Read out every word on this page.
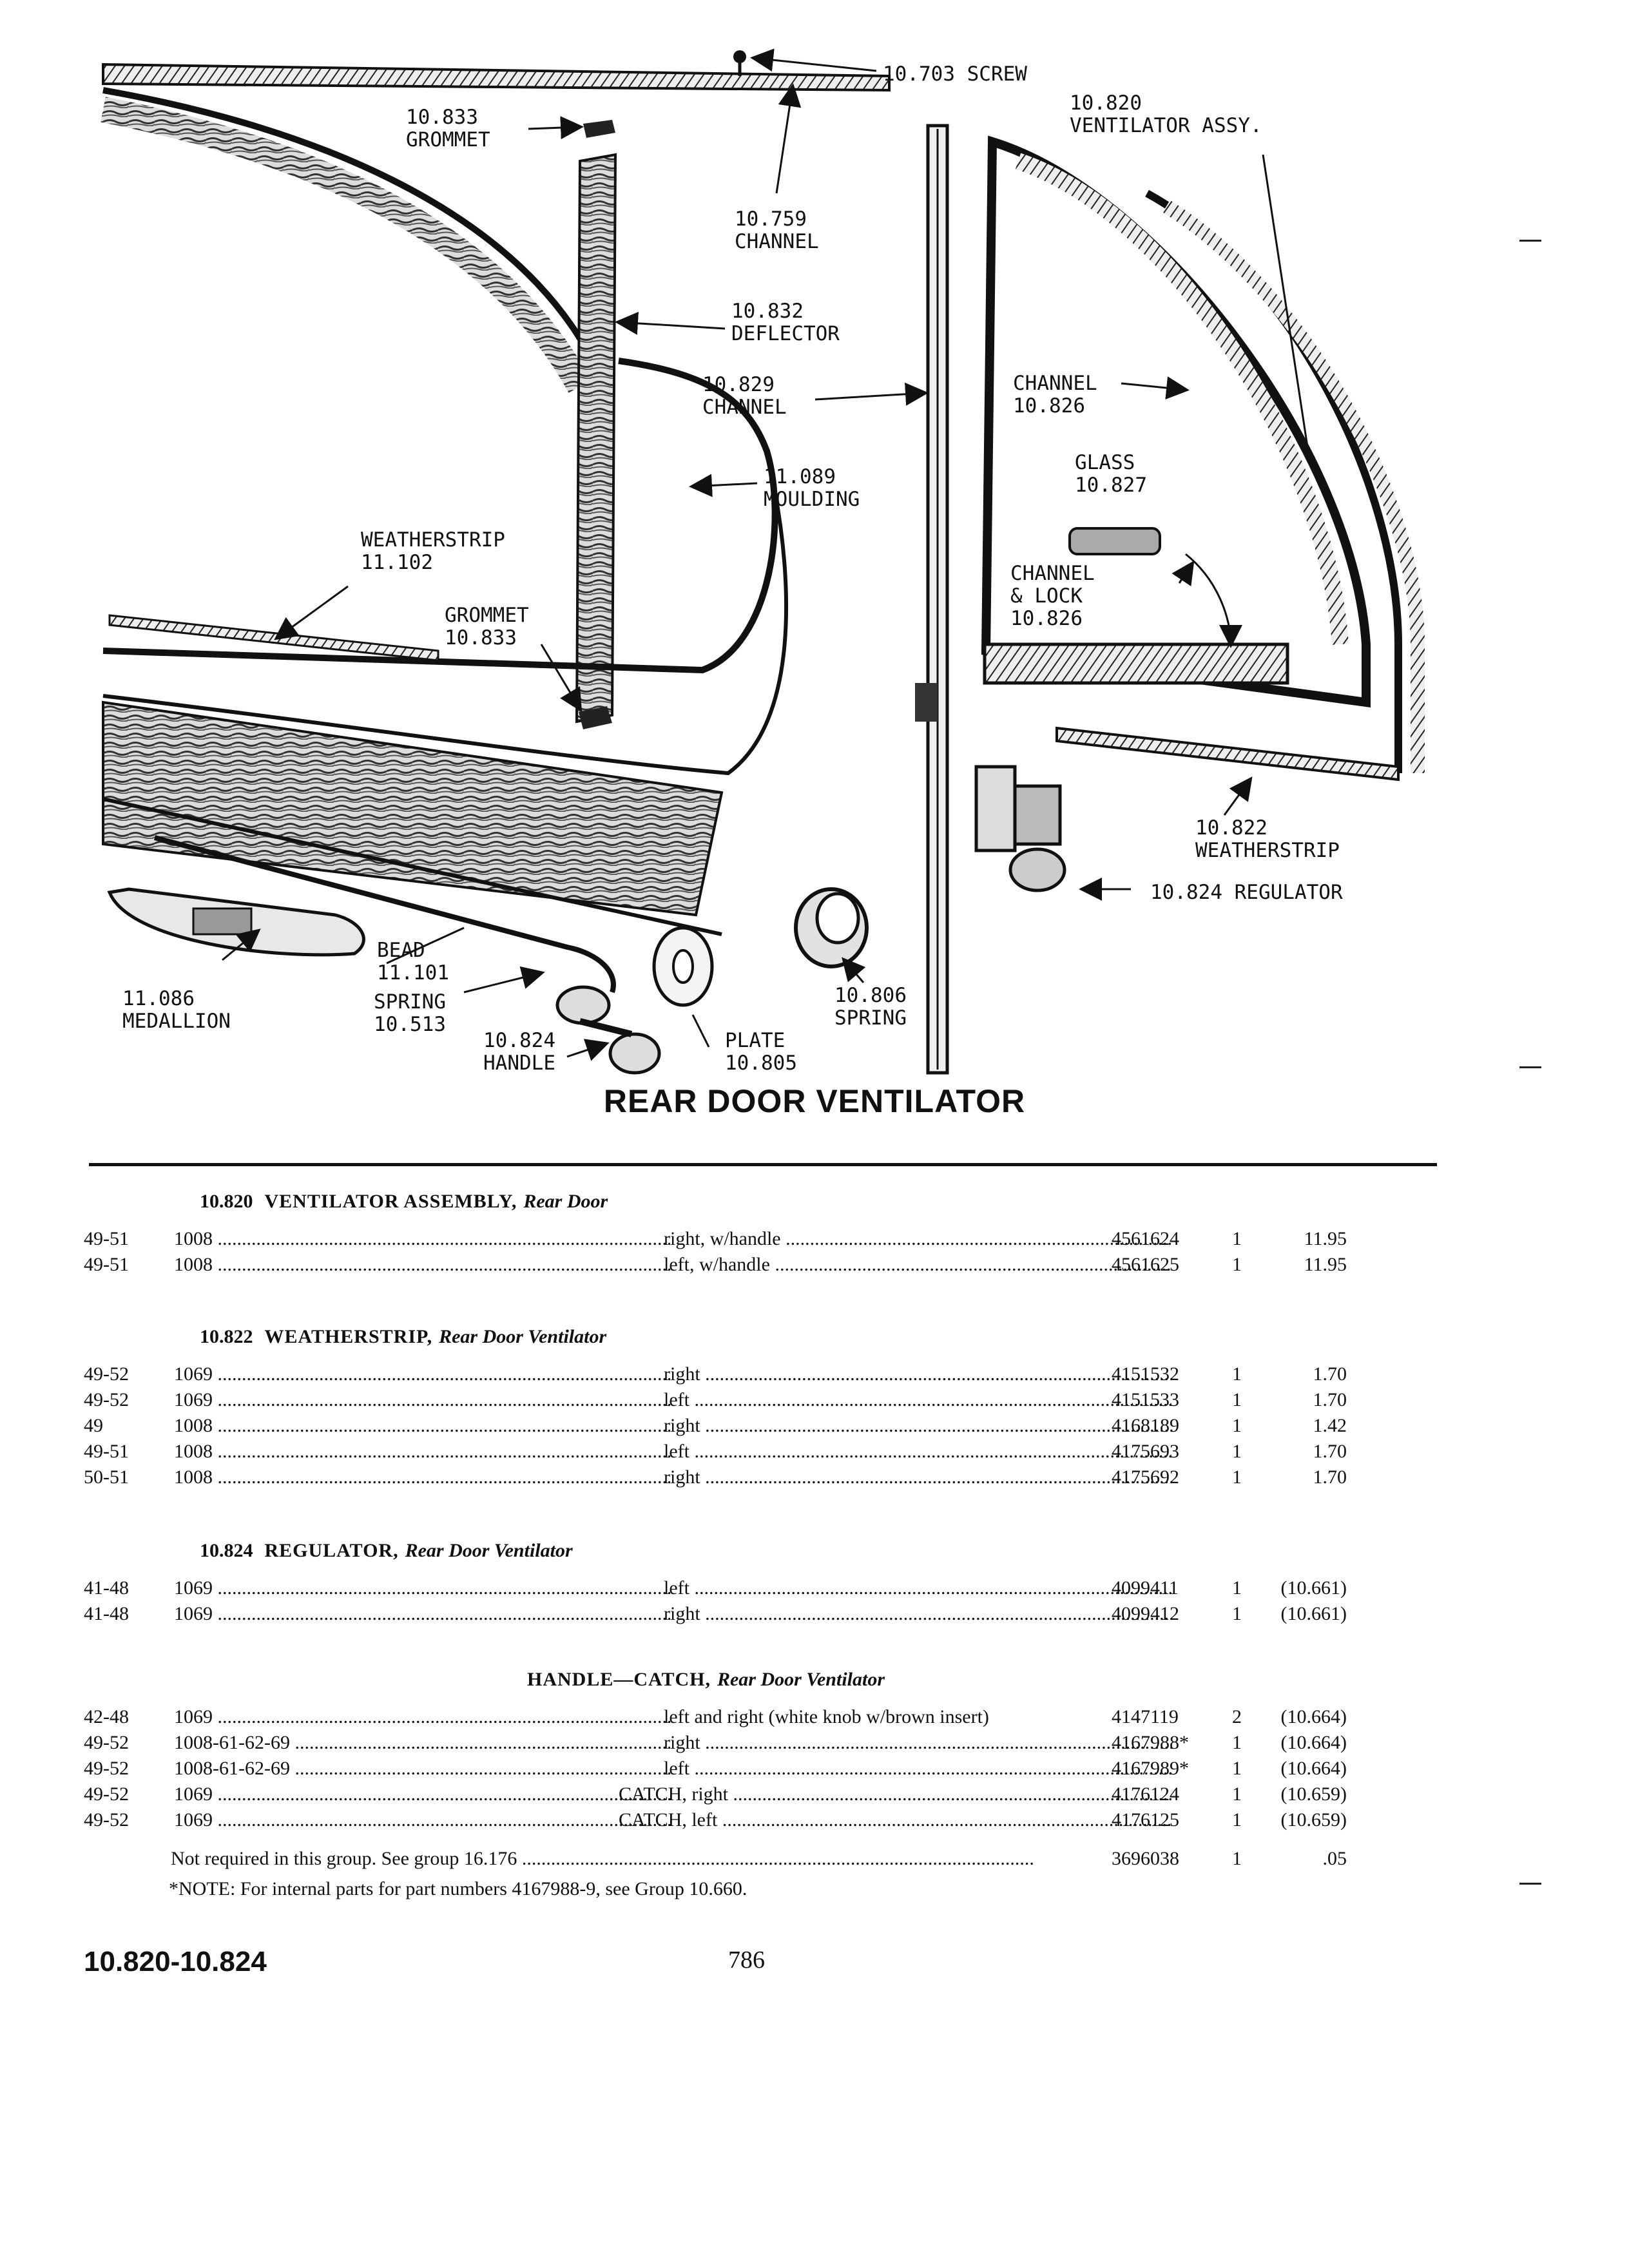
10.703 SCREW
10.820
VENTILATOR ASSY.
10.833
GROMMET
10.759
CHANNEL
10.832
DEFLECTOR
10.829
CHANNEL
CHANNEL
10.826
GLASS
10.827
11.089
MOULDING
WEATHERSTRIP
11.102
GROMMET
10.833
CHANNEL
& LOCK
10.826
10.822
WEATHERSTRIP
10.824 REGULATOR
BEAD
11.101
11.086
MEDALLION
SPRING
10.513
10.824
HANDLE
PLATE
10.805
10.806
SPRING
REAR DOOR VENTILATOR
10.820 VENTILATOR ASSEMBLY, Rear Door
49-51 1008 .....	right, w/handle .....	4561624	1	11.95
49-51 1008 .....	left, w/handle .....	4561625	1	11.95
10.822 WEATHERSTRIP, Rear Door Ventilator
49-52 1069 .....	right .....	4151532	1	1.70
49-52 1069 .....	left .....	4151533	1	1.70
49	1008 .....	right .....	4168189	1	1.42
49-51 1008 .....	left .....	4175693	1	1.70
50-51 1008 .....	right .....	4175692	1	1.70
10.824 REGULATOR, Rear Door Ventilator
41-48 1069 .....	left .....	4099411	1	(10.661)
41-48 1069 .....	right .....	4099412	1	(10.661)
HANDLE—CATCH, Rear Door Ventilator
42-48 1069 .....	left and right (white knob w/brown insert)	4147119	2	(10.664)
49-52 1008-61-62-69 .....	right .....	4167988* 1	(10.664)
49-52 1008-61-62-69 .....	left .....	4167989* 1	(10.664)
49-52 1069 .....	CATCH, right .....	4176124	1	(10.659)
49-52 1069 .....	CATCH, left .....	4176125	1	(10.659)
Not required in this group. See group 16.176 .....	3696038	1	.05
*NOTE: For internal parts for part numbers 4167988-9, see Group 10.660.
10.820-10.824	786
